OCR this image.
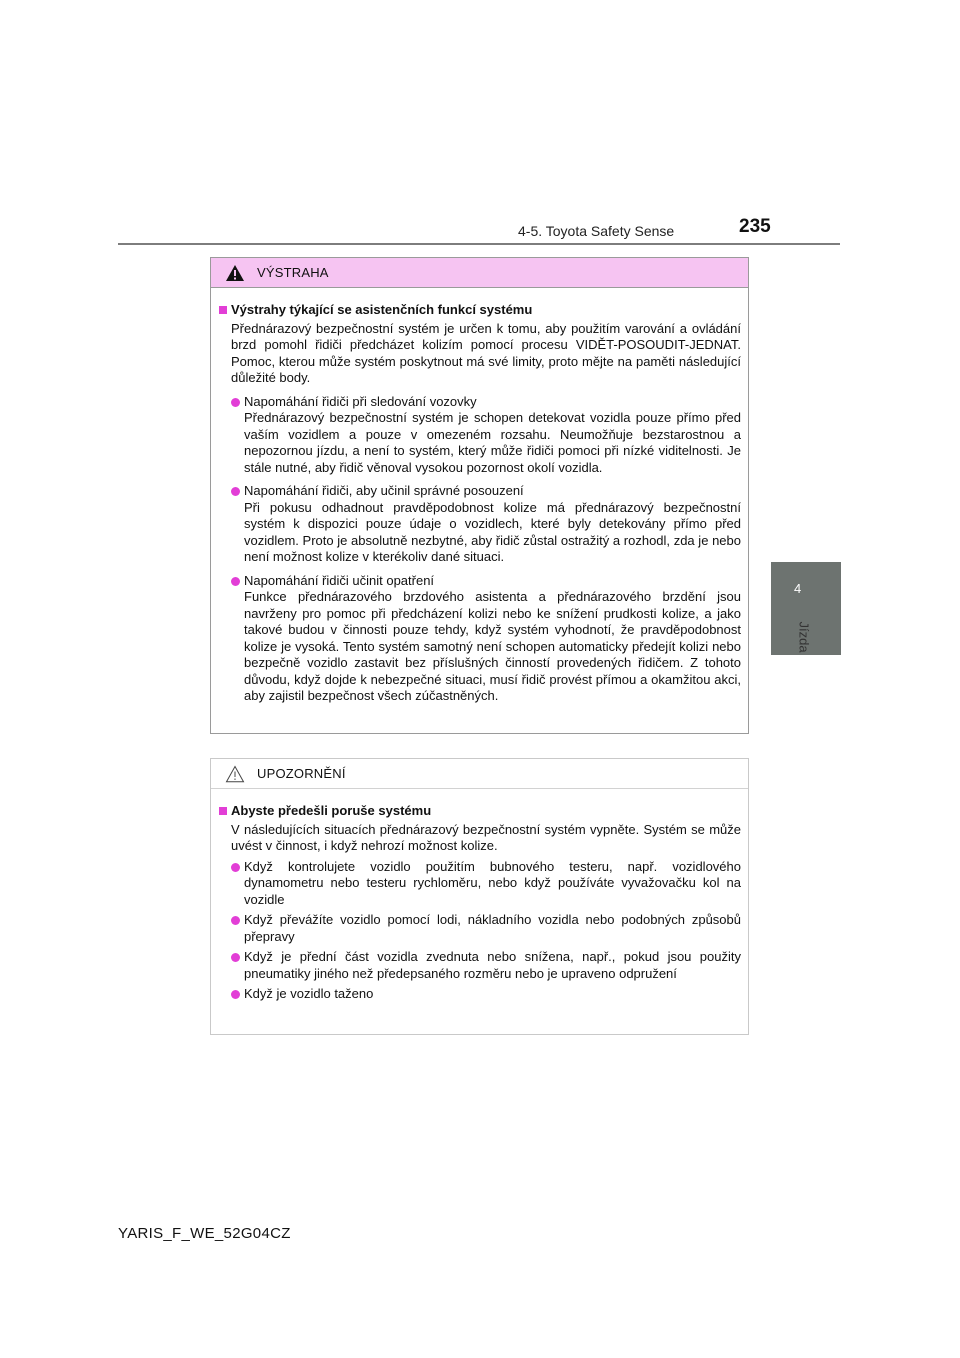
4-5. Toyota Safety Sense	235
4
Jízda
VÝSTRAHA
Výstrahy týkající se asistenčních funkcí systému
Přednárazový bezpečnostní systém je určen k tomu, aby použitím varování a ovládání brzd pomohl řidiči předcházet kolizím pomocí procesu VIDĚT-POSOUDIT-JEDNAT. Pomoc, kterou může systém poskytnout má své limity, proto mějte na paměti následující důležité body.
Napomáhání řidiči při sledování vozovky
Přednárazový bezpečnostní systém je schopen detekovat vozidla pouze přímo před vaším vozidlem a pouze v omezeném rozsahu. Neumožňuje bezstarostnou a nepozornou jízdu, a není to systém, který může řidiči pomoci při nízké viditelnosti. Je stále nutné, aby řidič věnoval vysokou pozornost okolí vozidla.
Napomáhání řidiči, aby učinil správné posouzení
Při pokusu odhadnout pravděpodobnost kolize má přednárazový bezpečnostní systém k dispozici pouze údaje o vozidlech, které byly detekovány přímo před vozidlem. Proto je absolutně nezbytné, aby řidič zůstal ostražitý a rozhodl, zda je nebo není možnost kolize v kterékoliv dané situaci.
Napomáhání řidiči učinit opatření
Funkce přednárazového brzdového asistenta a přednárazového brzdění jsou navrženy pro pomoc při předcházení kolizi nebo ke snížení prudkosti kolize, a jako takové budou v činnosti pouze tehdy, když systém vyhodnotí, že pravděpodobnost kolize je vysoká. Tento systém samotný není schopen automaticky předejít kolizi nebo bezpečně vozidlo zastavit bez příslušných činností provedených řidičem. Z tohoto důvodu, když dojde k nebezpečné situaci, musí řidič provést přímou a okamžitou akci, aby zajistil bezpečnost všech zúčastněných.
UPOZORNĚNÍ
Abyste předešli poruše systému
V následujících situacích přednárazový bezpečnostní systém vypněte. Systém se může uvést v činnost, i když nehrozí možnost kolize.
Když kontrolujete vozidlo použitím bubnového testeru, např. vozidlového dynamometru nebo testeru rychloměru, nebo když používáte vyvažovačku kol na vozidle
Když převážíte vozidlo pomocí lodi, nákladního vozidla nebo podobných způsobů přepravy
Když je přední část vozidla zvednuta nebo snížena, např., pokud jsou použity pneumatiky jiného než předepsaného rozměru nebo je upraveno odpružení
Když je vozidlo taženo
YARIS_F_WE_52G04CZ
